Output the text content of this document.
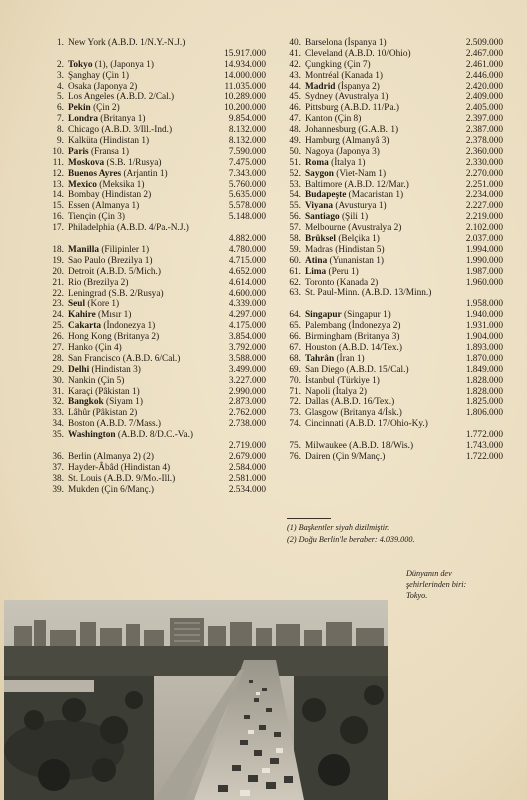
1. New York (A.B.D. 1/N.Y.-N.J.)
15.917.000
2. Tokyo (1), (Japonya 1)	14.934.000
3. Şanghay (Çin 1)	14.000.000
4. Osaka (Japonya 2)	11.035.000
5. Los Angeles (A.B.D. 2/Cal.)	10.289.000
6. Pekin (Çin 2)	10.200.000
7. Londra (Britanya 1)	9.854.000
8. Chicago (A.B.D. 3/Ill.-Ind.)	8.132.000
9. Kalküta (Hindistan 1)	8.132.000
10. Paris (Fransa 1)	7.590.000
11. Moskova (S.B. 1/Rusya)	7.475.000
12. Buenos Ayres (Arjantin 1)	7.343.000
13. Mexico (Meksika 1)	5.760.000
14. Bombay (Hindistan 2)	5.635.000
15. Essen (Almanya 1)	5.578.000
16. Tiençin (Çin 3)	5.148.000
17. Philadelphia (A.B.D. 4/Pa.-N.J.)
4.882.000
18. Manilla (Filipinler 1)	4.780.000
19. Sao Paulo (Brezilya 1)	4.715.000
20. Detroit (A.B.D. 5/Mich.)	4.652.000
21. Rio (Brezilya 2)	4.614.000
22. Leningrad (S.B. 2/Rusya)	4.600.000
23. Seul (Kore 1)	4.339.000
24. Kahire (Mısır 1)	4.297.000
25. Cakarta (İndonezya 1)	4.175.000
26. Hong Kong (Britanya 2)	3.854.000
27. Hanko (Çin 4)	3.792.000
28. San Francisco (A.B.D. 6/Cal.)	3.588.000
29. Delhi (Hindistan 3)	3.499.000
30. Nankin (Çin 5)	3.227.000
31. Karaçi (Pâkistan 1)	2.990.000
32. Bangkok (Siyam 1)	2.873.000
33. Lâhûr (Pâkistan 2)	2.762.000
34. Boston (A.B.D. 7/Mass.)	2.738.000
35. Washington (A.B.D. 8/D.C.-Va.)
2.719.000
36. Berlin (Almanya 2) (2)	2.679.000
37. Hayder-Âbâd (Hindistan 4)	2.584.000
38. St. Louis (A.B.D. 9/Mo.-Ill.)	2.581.000
39. Mukden (Çin 6/Manç.)	2.534.000
40. Barselona (İspanya 1)	2.509.000
41. Cleveland (A.B.D. 10/Ohio)	2.467.000
42. Çungking (Çin 7)	2.461.000
43. Montréal (Kanada 1)	2.446.000
44. Madrid (İspanya 2)	2.420.000
45. Sydney (Avustralya 1)	2.409.000
46. Pittsburg (A.B.D. 11/Pa.)	2.405.000
47. Kanton (Çin 8)	2.397.000
48. Johannesburg (G.A.B. 1)	2.387.000
49. Hamburg (Almanyâ 3)	2.378.000
50. Nagoya (Japonya 3)	2.360.000
51. Roma (İtalya 1)	2.330.000
52. Saygon (Viet-Nam 1)	2.270.000
53. Baltimore (A.B.D. 12/Mar.)	2.251.000
54. Budapeşte (Macaristan 1)	2.234.000
55. Viyana (Avusturya 1)	2.227.000
56. Santiago (Şili 1)	2.219.000
57. Melbourne (Avustralya 2)	2.102.000
58. Brüksel (Belçika 1)	2.037.000
59. Madras (Hindistan 5)	1.994.000
60. Atina (Yunanistan 1)	1.990.000
61. Lima (Peru 1)	1.987.000
62. Toronto (Kanada 2)	1.960.000
63. St. Paul-Minn. (A.B.D. 13/Minn.)
1.958.000
64. Singapur (Singapur 1)	1.940.000
65. Palembang (İndonezya 2)	1.931.000
66. Birmingham (Britanya 3)	1.904.000
67. Houston (A.B.D. 14/Tex.)	1.893.000
68. Tahrân (İran 1)	1.870.000
69. San Diego (A.B.D. 15/Cal.)	1.849.000
70. İstanbul (Türkiye 1)	1.828.000
71. Napoli (İtalya 2)	1.828.000
72. Dallas (A.B.D. 16/Tex.)	1.825.000
73. Glasgow (Britanya 4/İsk.)	1.806.000
74. Cincinnati (A.B.D. 17/Ohio-Ky.)
1.772.000
75. Milwaukee (A.B.D. 18/Wis.)	1.743.000
76. Dairen (Çin 9/Manç.)	1.722.000
(1) Başkentler siyah dizilmiştir.
(2) Doğu Berlin'le beraber: 4.039.000.
Dünyanın dev
şehirlerinden biri:
Tokyo.
